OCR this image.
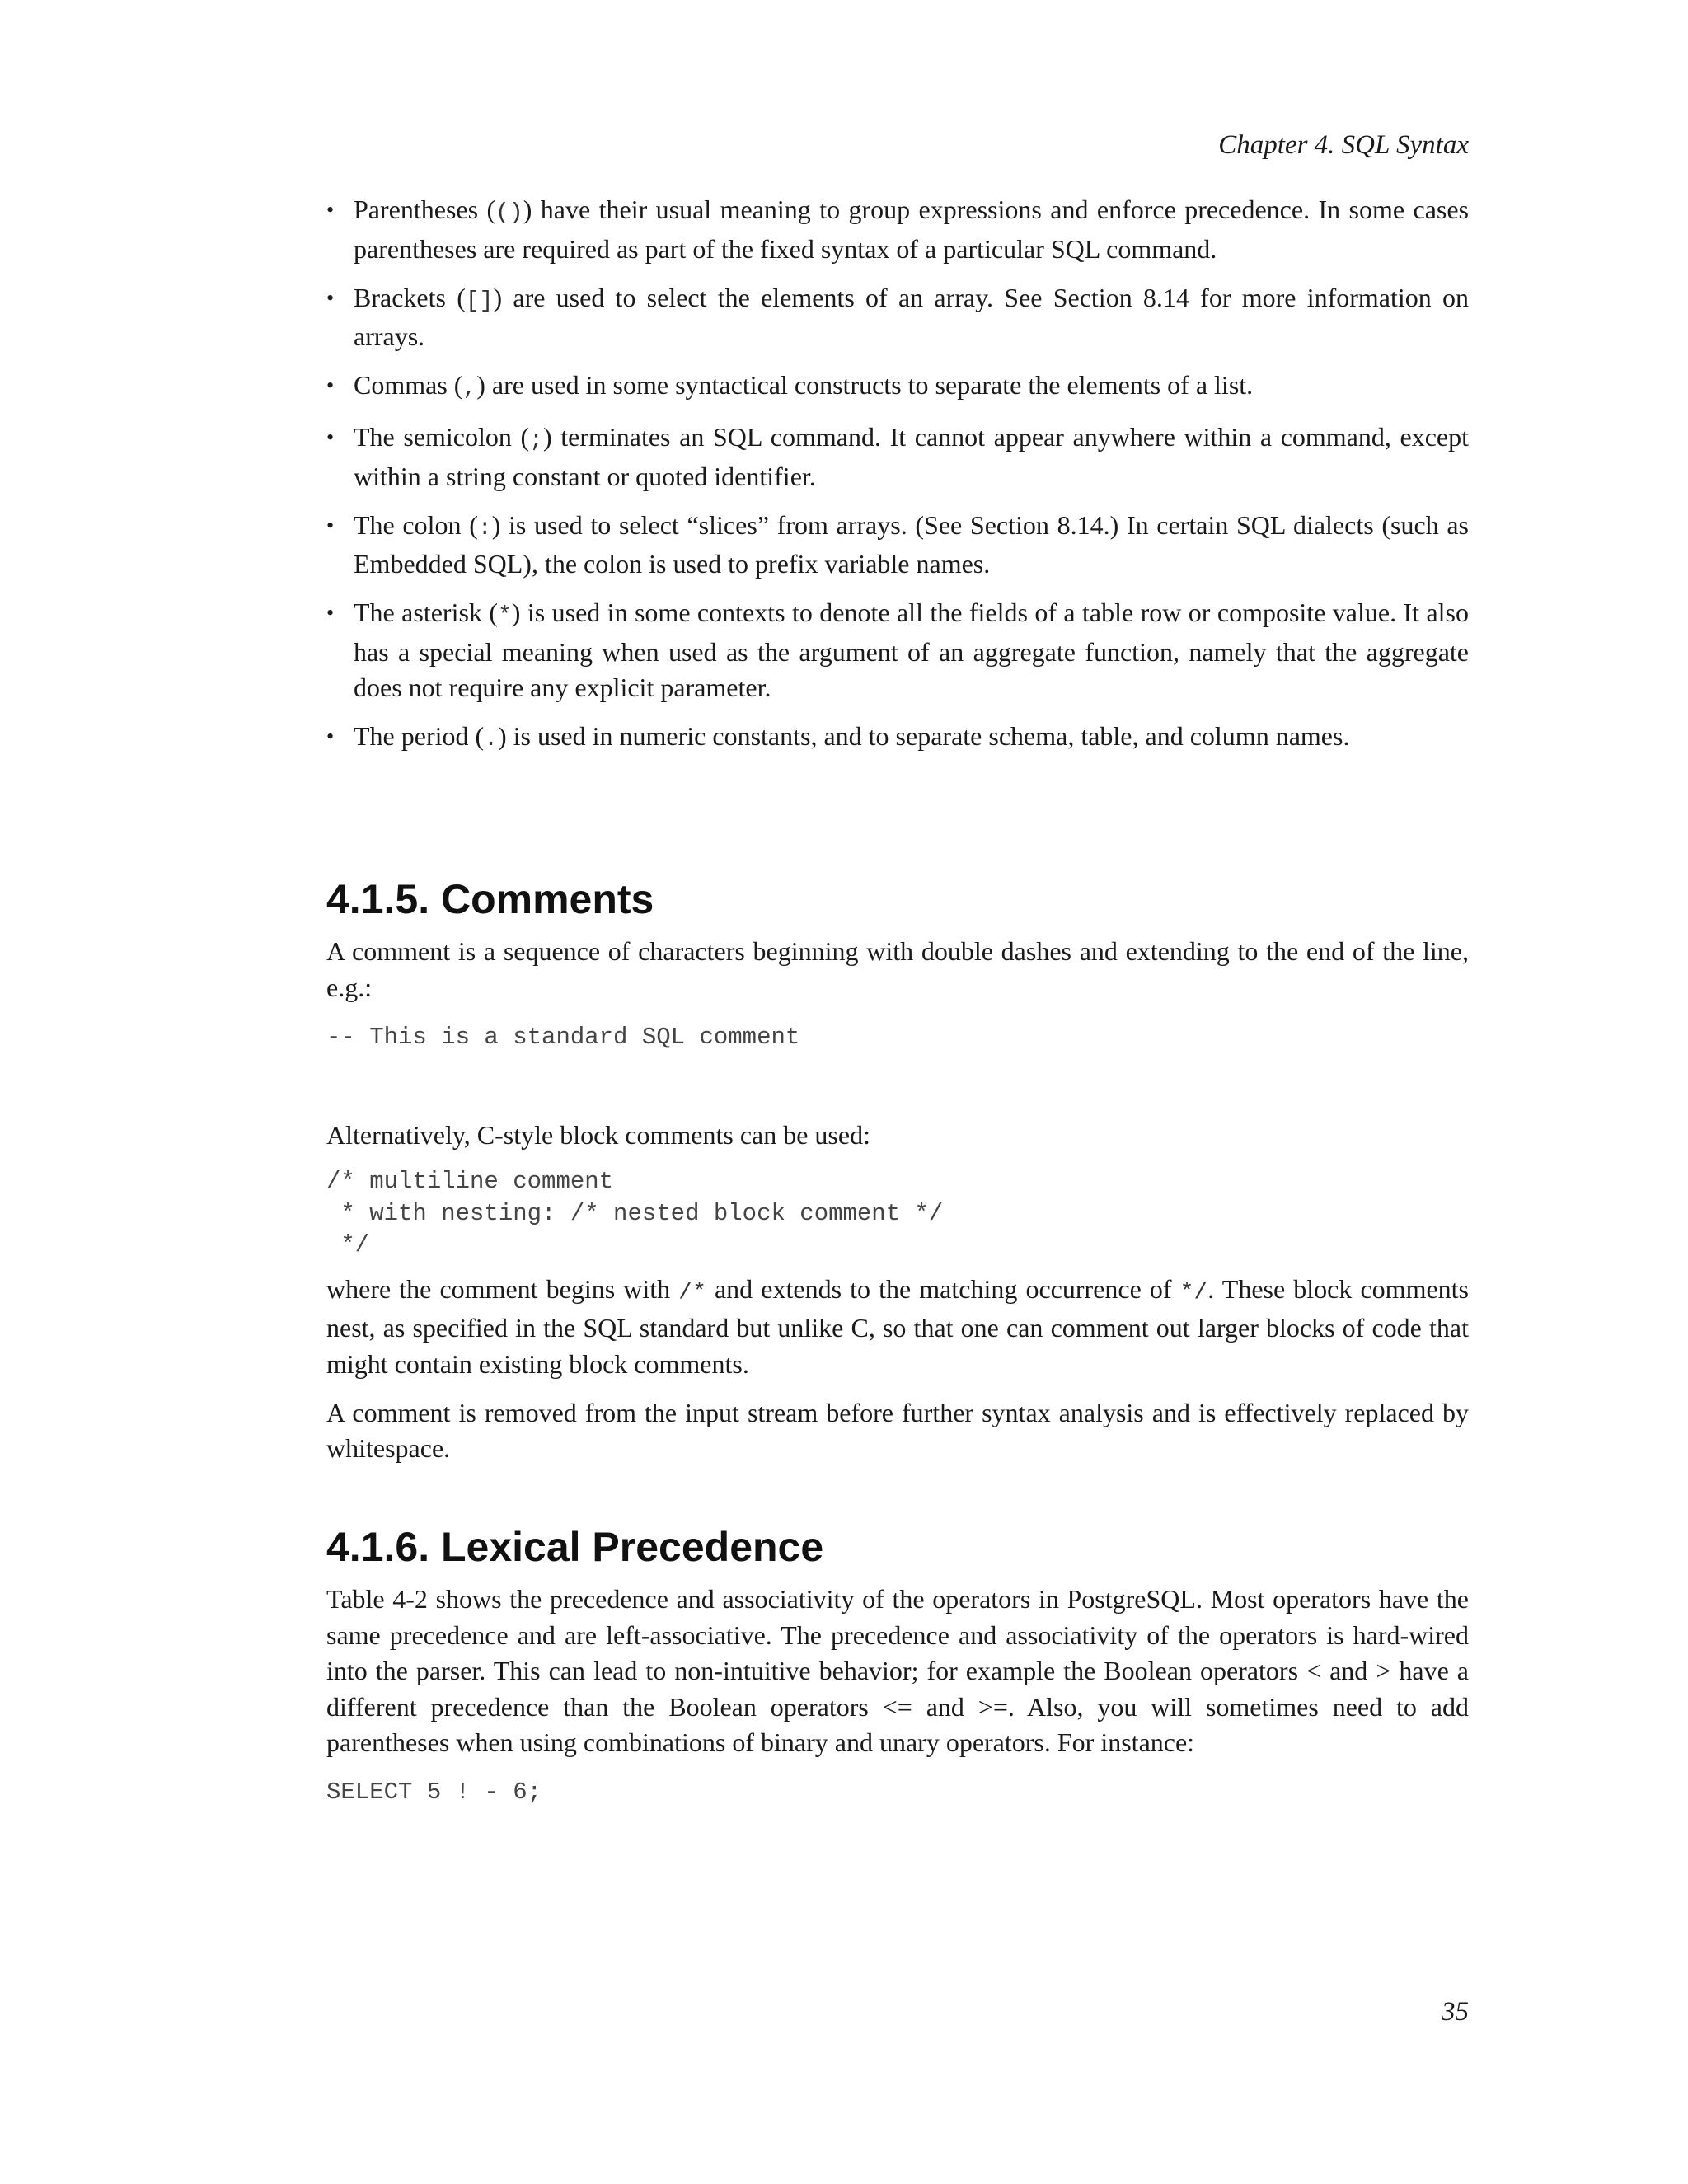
Chapter 4. SQL Syntax
• Parentheses (()) have their usual meaning to group expressions and enforce precedence. In some cases parentheses are required as part of the fixed syntax of a particular SQL command.
• Brackets ([]) are used to select the elements of an array. See Section 8.14 for more information on arrays.
• Commas (,) are used in some syntactical constructs to separate the elements of a list.
• The semicolon (;) terminates an SQL command. It cannot appear anywhere within a command, except within a string constant or quoted identifier.
• The colon (:) is used to select “slices” from arrays. (See Section 8.14.) In certain SQL dialects (such as Embedded SQL), the colon is used to prefix variable names.
• The asterisk (*) is used in some contexts to denote all the fields of a table row or composite value. It also has a special meaning when used as the argument of an aggregate function, namely that the aggregate does not require any explicit parameter.
• The period (.) is used in numeric constants, and to separate schema, table, and column names.
4.1.5. Comments

A comment is a sequence of characters beginning with double dashes and extending to the end of the line, e.g.:

-- This is a standard SQL comment

Alternatively, C-style block comments can be used:

/* multiline comment
* with nesting: /* nested block comment */
*/

where the comment begins with /* and extends to the matching occurrence of */. These block comments nest, as specified in the SQL standard but unlike C, so that one can comment out larger blocks of code that might contain existing block comments.

A comment is removed from the input stream before further syntax analysis and is effectively replaced by whitespace.

4.1.6. Lexical Precedence

Table 4-2 shows the precedence and associativity of the operators in PostgreSQL. Most operators have the same precedence and are left-associative. The precedence and associativity of the operators is hard-wired into the parser. This can lead to non-intuitive behavior; for example the Boolean operators < and > have a different precedence than the Boolean operators <= and >=. Also, you will sometimes need to add parentheses when using combinations of binary and unary operators. For instance:

SELECT 5 ! - 6;
35
